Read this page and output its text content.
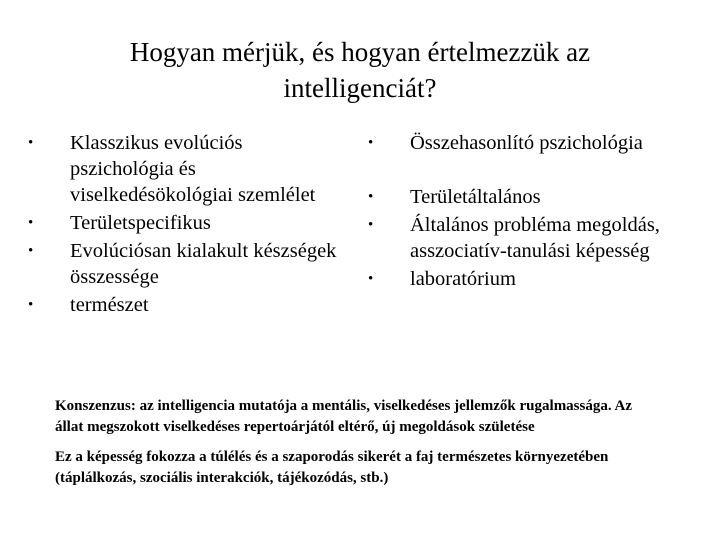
Hogyan mérjük, és hogyan értelmezzük az
intelligenciát?
•	Klasszikus evolúciós pszichológia és viselkedésökológiai szemlélet
•	Területspecifikus
•	Evolúciósan kialakult készségek összessége
•	természet
•	Összehasonlító pszichológia
•	Területáltalános
•	Általános probléma megoldás, asszociatív-tanulási képesség
•	laboratórium

Konszenzus: az intelligencia mutatója a mentális, viselkedéses jellemzők rugalmassága. Az állat megszokott viselkedéses repertoárjától eltérő, új megoldások születése

Ez a képesség fokozza a túlélés és a szaporodás sikerét a faj természetes környezetében (táplálkozás, szociális interakciók, tájékozódás, stb.)
